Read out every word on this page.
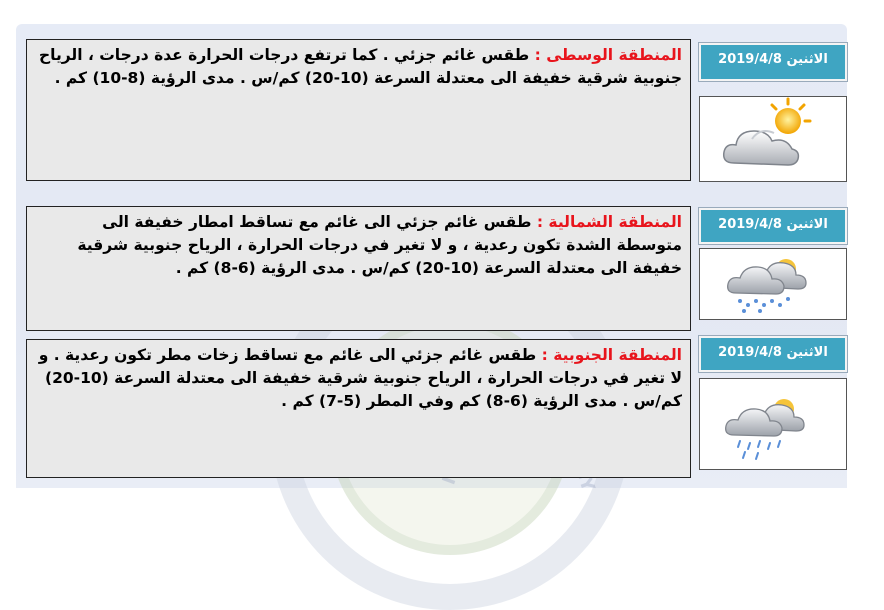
المنطقة الوسطى : طقس غائم جزئي . كما ترتفع درجات الحرارة عدة درجات ، الرياح جنوبية شرقية خفيفة الى معتدلة السرعة (10-20) كم/س . مدى الرؤية (8-10) كم .
الاثنين 2019/4/8
المنطقة الشمالية : طقس غائم جزئي الى غائم مع تساقط امطار خفيفة الى متوسطة الشدة تكون رعدية ، و لا تغير في درجات الحرارة ، الرياح جنوبية شرقية خفيفة الى معتدلة السرعة (10-20) كم/س . مدى الرؤية (6-8) كم .
الاثنين 2019/4/8
المنطقة الجنوبية : طقس غائم جزئي الى غائم مع تساقط زخات مطر تكون رعدية . و لا تغير في درجات الحرارة ، الرياح جنوبية شرقية خفيفة الى معتدلة السرعة (10-20) كم/س . مدى الرؤية (6-8) كم وفي المطر (5-7) كم .
الاثنين 2019/4/8
